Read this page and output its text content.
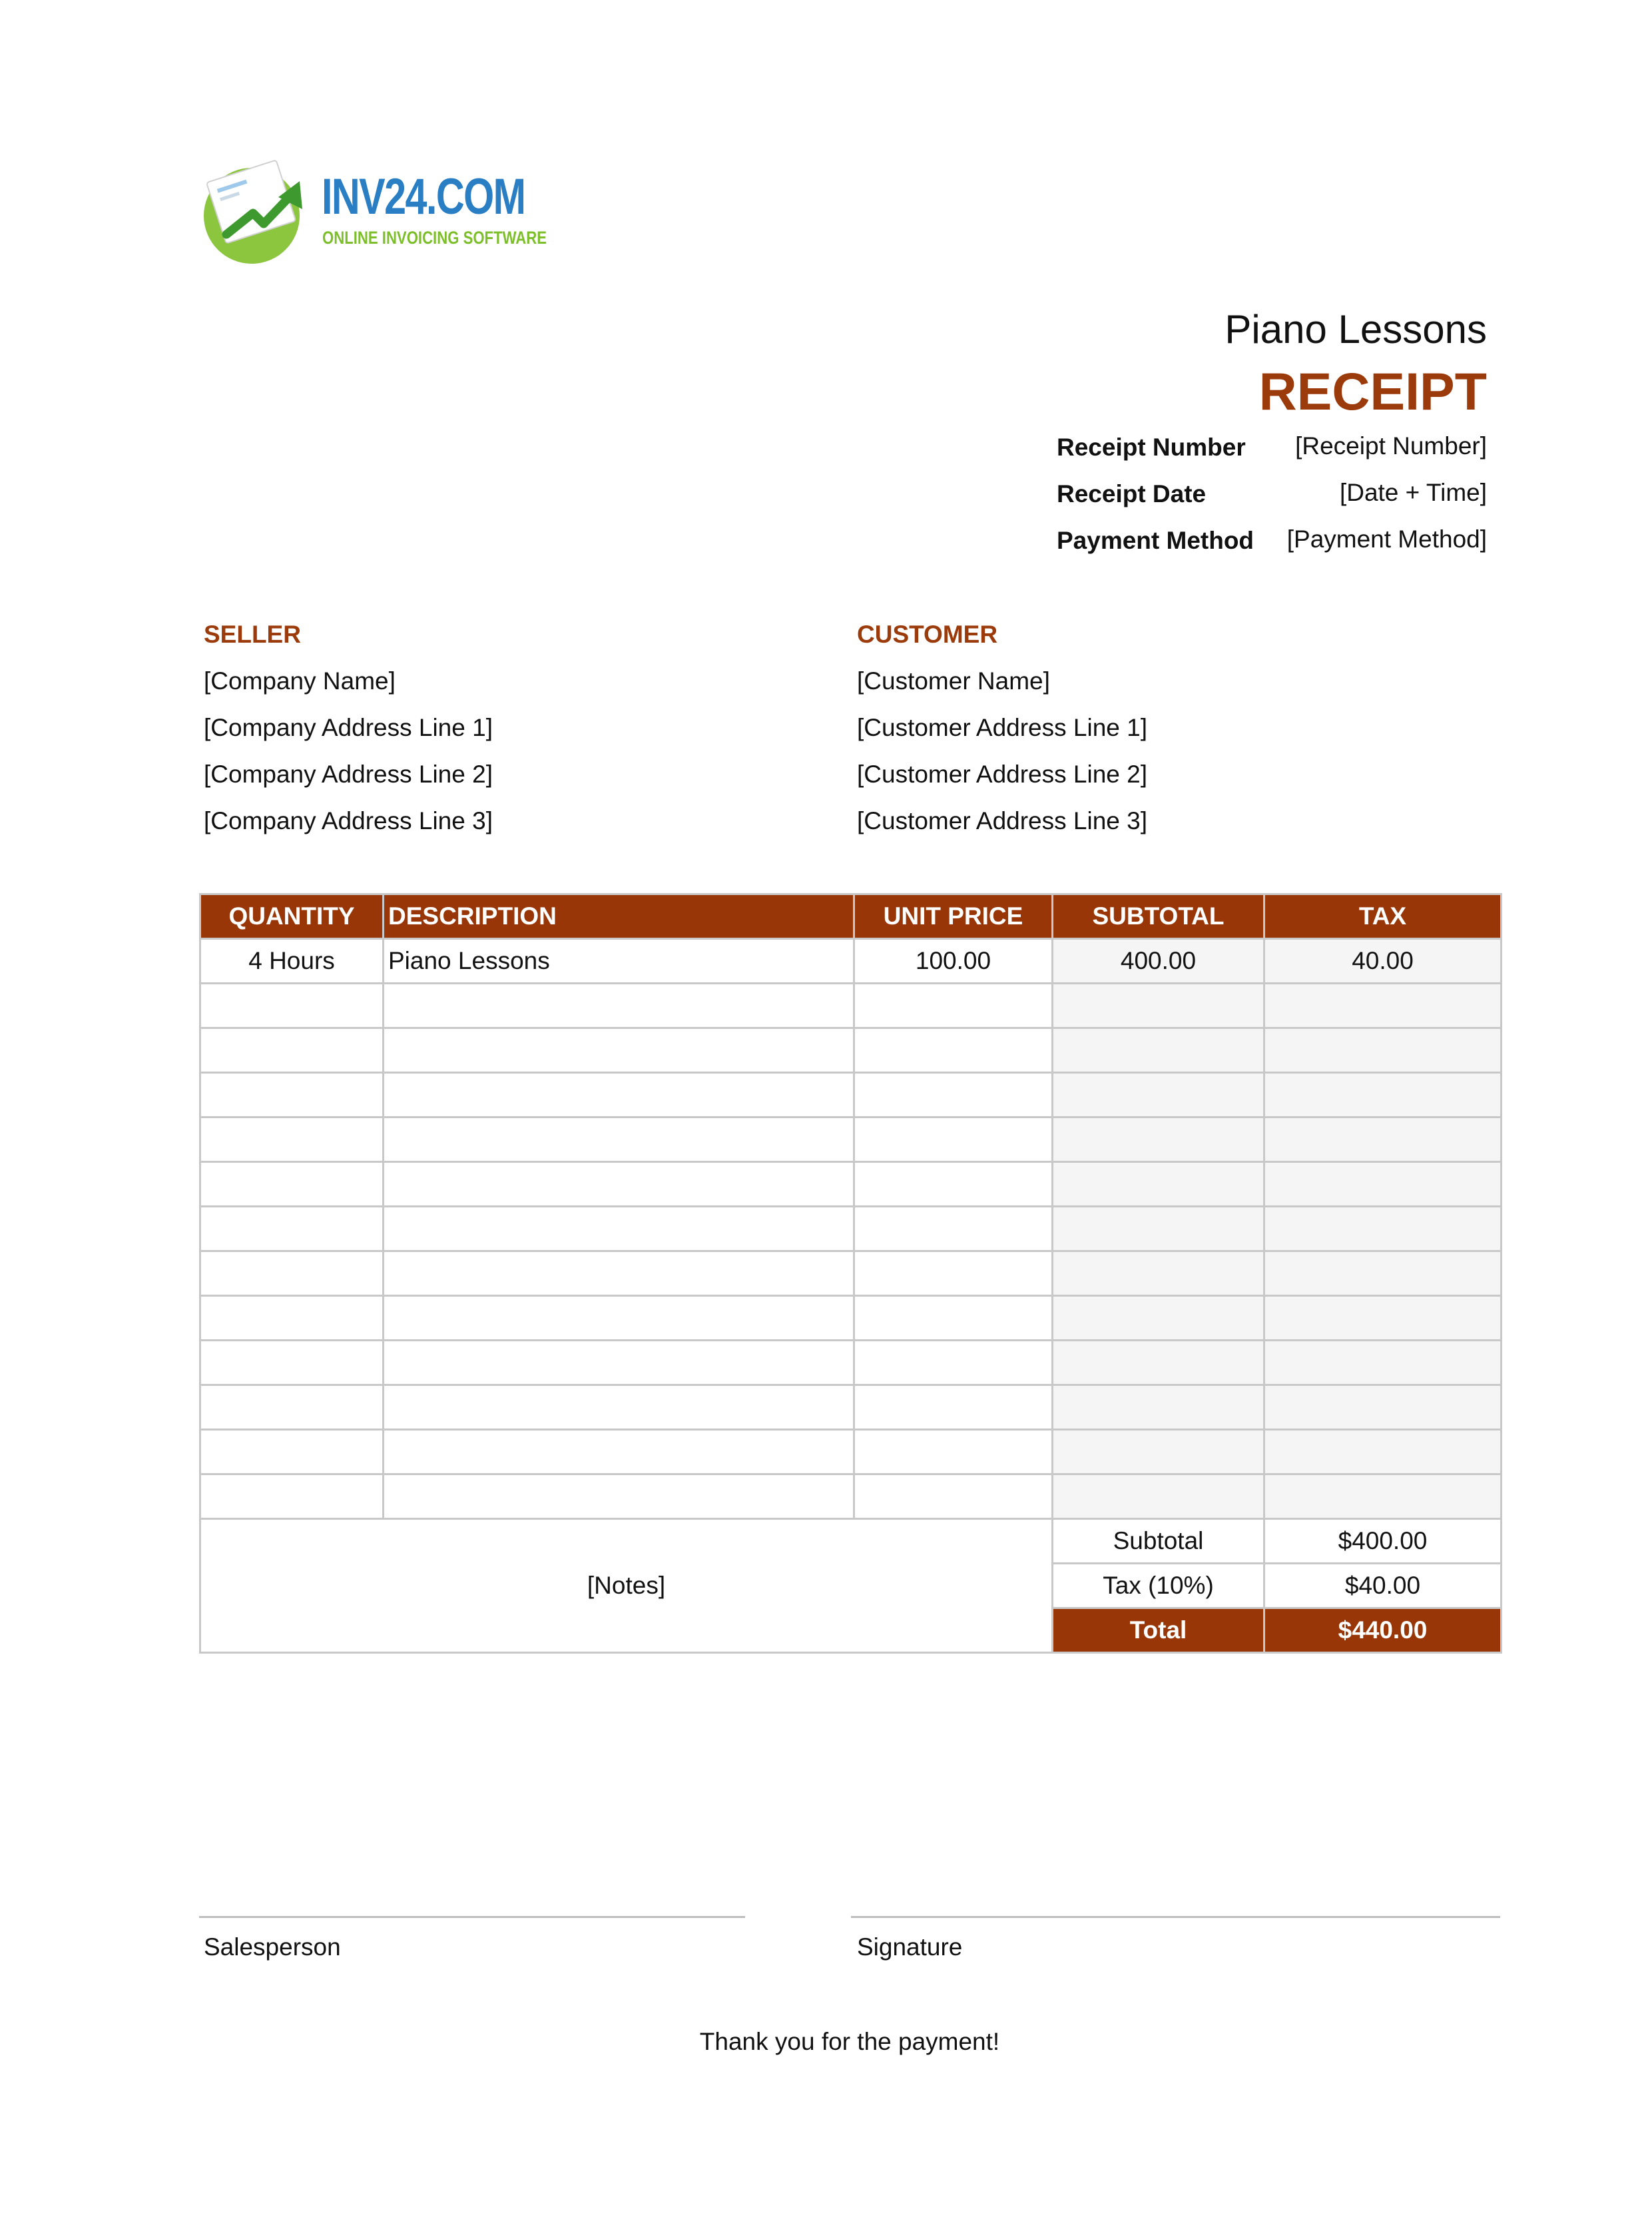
INV24.COM
ONLINE INVOICING SOFTWARE
Piano Lessons
RECEIPT
Receipt Number [Receipt Number]
Receipt Date	[Date + Time]
Payment Method [Payment Method]
SELLER
[Company Name]
[Company Address Line 1]
[Company Address Line 2]
[Company Address Line 3]
CUSTOMER
[Customer Name]
[Customer Address Line 1]
[Customer Address Line 2]
[Customer Address Line 3]
QUANTITY	DESCRIPTION	UNIT PRICE	SUBTOTAL	TAX
4 Hours	Piano Lessons	100.00	400.00	40.00

[Notes]			Subtotal	$400.00
			Tax (10%)	$40.00
			Total	$440.00
Salesperson	Signature
Thank you for the payment!
